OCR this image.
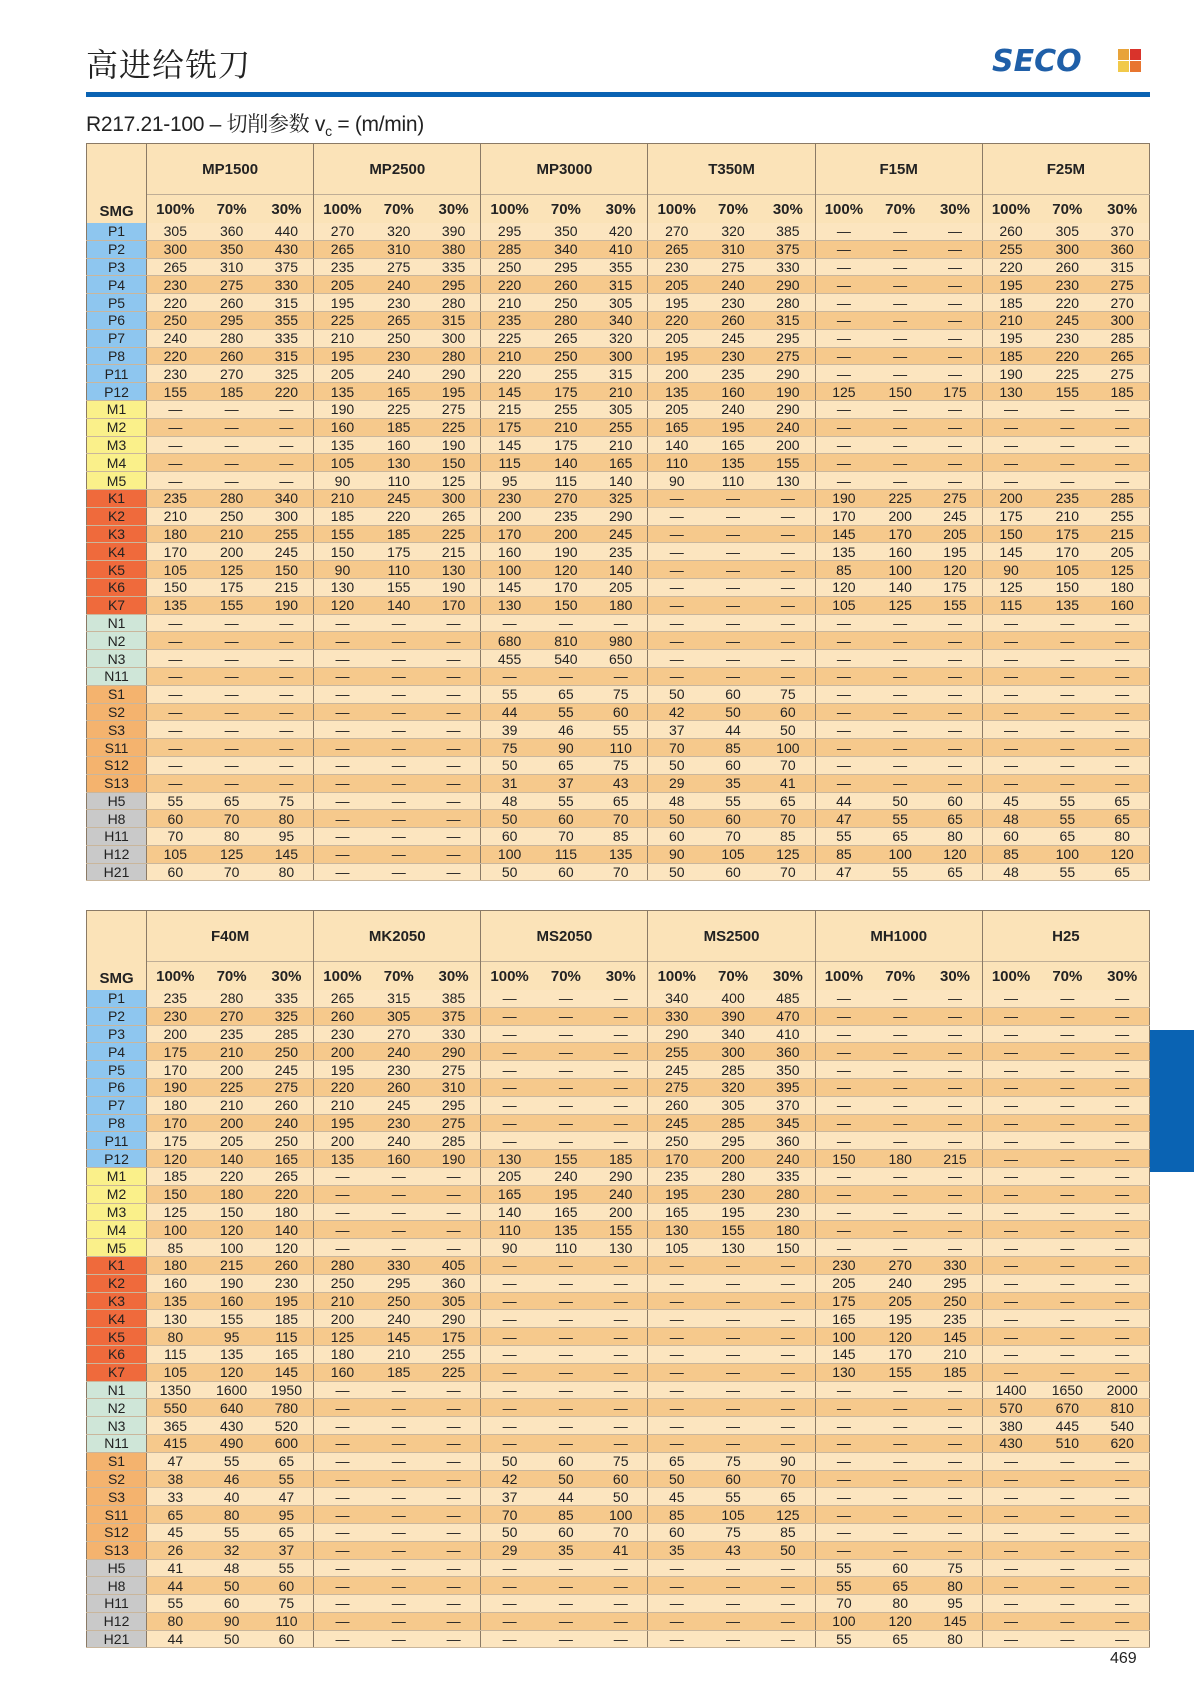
高进给铣刀	SECO
R217.21-100 – 切削参数 $v_c = (m/\min)$
SMG	MP1500			MP2500			MP3000			T350M			F15M			F25M		
	100%	70%	30%	100%	70%	30%	100%	70%	30%	100%	70%	30%	100%	70%	30%	100%	70%	30%
P1	305	360	440	270	320	390	295	350	420	270	320	385	—	—	—	260	305	370
P2	300	350	430	265	310	380	285	340	410	265	310	375	—	—	—	255	300	360
P3	265	310	375	235	275	335	250	295	355	230	275	330	—	—	—	220	260	315
P4	230	275	330	205	240	295	220	260	315	205	240	290	—	—	—	195	230	275
P5	220	260	315	195	230	280	210	250	305	195	230	280	—	—	—	185	220	270
P6	250	295	355	225	265	315	235	280	340	220	260	315	—	—	—	210	245	300
P7	240	280	335	210	250	300	225	265	320	205	245	295	—	—	—	195	230	285
P8	220	260	315	195	230	280	210	250	300	195	230	275	—	—	—	185	220	265
P11	230	270	325	205	240	290	220	255	315	200	235	290	—	—	—	190	225	275
P12	155	185	220	135	165	195	145	175	210	135	160	190	125	150	175	130	155	185
M1	—	—	—	190	225	275	215	255	305	205	240	290	—	—	—	—	—	—
M2	—	—	—	160	185	225	175	210	255	165	195	240	—	—	—	—	—	—
M3	—	—	—	135	160	190	145	175	210	140	165	200	—	—	—	—	—	—
M4	—	—	—	105	130	150	115	140	165	110	135	155	—	—	—	—	—	—
M5	—	—	—	90	110	125	95	115	140	90	110	130	—	—	—	—	—	—
K1	235	280	340	210	245	300	230	270	325	—	—	—	190	225	275	200	235	285
K2	210	250	300	185	220	265	200	235	290	—	—	—	170	200	245	175	210	255
K3	180	210	255	155	185	225	170	200	245	—	—	—	145	170	205	150	175	215
K4	170	200	245	150	175	215	160	190	235	—	—	—	135	160	195	145	170	205
K5	105	125	150	90	110	130	100	120	140	—	—	—	85	100	120	90	105	125
K6	150	175	215	130	155	190	145	170	205	—	—	—	120	140	175	125	150	180
K7	135	155	190	120	140	170	130	150	180	—	—	—	105	125	155	115	135	160
N1	—	—	—	—	—	—	—	—	—	—	—	—	—	—	—	—	—	—
N2	—	—	—	—	—	—	680	810	980	—	—	—	—	—	—	—	—	—
N3	—	—	—	—	—	—	455	540	650	—	—	—	—	—	—	—	—	—
N11	—	—	—	—	—	—	—	—	—	—	—	—	—	—	—	—	—	—
S1	—	—	—	—	—	—	55	65	75	50	60	75	—	—	—	—	—	—
S2	—	—	—	—	—	—	44	55	60	42	50	60	—	—	—	—	—	—
S3	—	—	—	—	—	—	39	46	55	37	44	50	—	—	—	—	—	—
S11	—	—	—	—	—	—	75	90	110	70	85	100	—	—	—	—	—	—
S12	—	—	—	—	—	—	50	65	75	50	60	70	—	—	—	—	—	—
S13	—	—	—	—	—	—	31	37	43	29	35	41	—	—	—	—	—	—
H5	55	65	75	—	—	—	48	55	65	48	55	65	44	50	60	45	55	65
H8	60	70	80	—	—	—	50	60	70	50	60	70	47	55	65	48	55	65
H11	70	80	95	—	—	—	60	70	85	60	70	85	55	65	80	60	65	80
H12	105	125	145	—	—	—	100	115	135	90	105	125	85	100	120	85	100	120
H21	60	70	80	—	—	—	50	60	70	50	60	70	47	55	65	48	55	65
SMG	F40M			MK2050			MS2050			MS2500			MH1000			H25		
	100%	70%	30%	100%	70%	30%	100%	70%	30%	100%	70%	30%	100%	70%	30%	100%	70%	30%
P1	235	280	335	265	315	385	—	—	—	340	400	485	—	—	—	—	—	—
P2	230	270	325	260	305	375	—	—	—	330	390	470	—	—	—	—	—	—
P3	200	235	285	230	270	330	—	—	—	290	340	410	—	—	—	—	—	—
P4	175	210	250	200	240	290	—	—	—	255	300	360	—	—	—	—	—	—
P5	170	200	245	195	230	275	—	—	—	245	285	350	—	—	—	—	—	—
P6	190	225	275	220	260	310	—	—	—	275	320	395	—	—	—	—	—	—
P7	180	210	260	210	245	295	—	—	—	260	305	370	—	—	—	—	—	—
P8	170	200	240	195	230	275	—	—	—	245	285	345	—	—	—	—	—	—
P11	175	205	250	200	240	285	—	—	—	250	295	360	—	—	—	—	—	—
P12	120	140	165	135	160	190	130	155	185	170	200	240	150	180	215	—	—	—
M1	185	220	265	—	—	—	205	240	290	235	280	335	—	—	—	—	—	—
M2	150	180	220	—	—	—	165	195	240	195	230	280	—	—	—	—	—	—
M3	125	150	180	—	—	—	140	165	200	165	195	230	—	—	—	—	—	—
M4	100	120	140	—	—	—	110	135	155	130	155	180	—	—	—	—	—	—
M5	85	100	120	—	—	—	90	110	130	105	130	150	—	—	—	—	—	—
K1	180	215	260	280	330	405	—	—	—	—	—	—	230	270	330	—	—	—
K2	160	190	230	250	295	360	—	—	—	—	—	—	205	240	295	—	—	—
K3	135	160	195	210	250	305	—	—	—	—	—	—	175	205	250	—	—	—
K4	130	155	185	200	240	290	—	—	—	—	—	—	165	195	235	—	—	—
K5	80	95	115	125	145	175	—	—	—	—	—	—	100	120	145	—	—	—
K6	115	135	165	180	210	255	—	—	—	—	—	—	145	170	210	—	—	—
K7	105	120	145	160	185	225	—	—	—	—	—	—	130	155	185	—	—	—
N1	1350	1600	1950	—	—	—	—	—	—	—	—	—	—	—	—	1400	1650	2000
N2	550	640	780	—	—	—	—	—	—	—	—	—	—	—	—	570	670	810
N3	365	430	520	—	—	—	—	—	—	—	—	—	—	—	—	380	445	540
N11	415	490	600	—	—	—	—	—	—	—	—	—	—	—	—	430	510	620
S1	47	55	65	—	—	—	50	60	75	65	75	90	—	—	—	—	—	—
S2	38	46	55	—	—	—	42	50	60	50	60	70	—	—	—	—	—	—
S3	33	40	47	—	—	—	37	44	50	45	55	65	—	—	—	—	—	—
S11	65	80	95	—	—	—	70	85	100	85	105	125	—	—	—	—	—	—
S12	45	55	65	—	—	—	50	60	70	60	75	85	—	—	—	—	—	—
S13	26	32	37	—	—	—	29	35	41	35	43	50	—	—	—	—	—	—
H5	41	48	55	—	—	—	—	—	—	—	—	—	55	60	75	—	—	—
H8	44	50	60	—	—	—	—	—	—	—	—	—	55	65	80	—	—	—
H11	55	60	75	—	—	—	—	—	—	—	—	—	70	80	95	—	—	—
H12	80	90	110	—	—	—	—	—	—	—	—	—	100	120	145	—	—	—
H21	44	50	60	—	—	—	—	—	—	—	—	—	55	65	80	—	—	—
469
